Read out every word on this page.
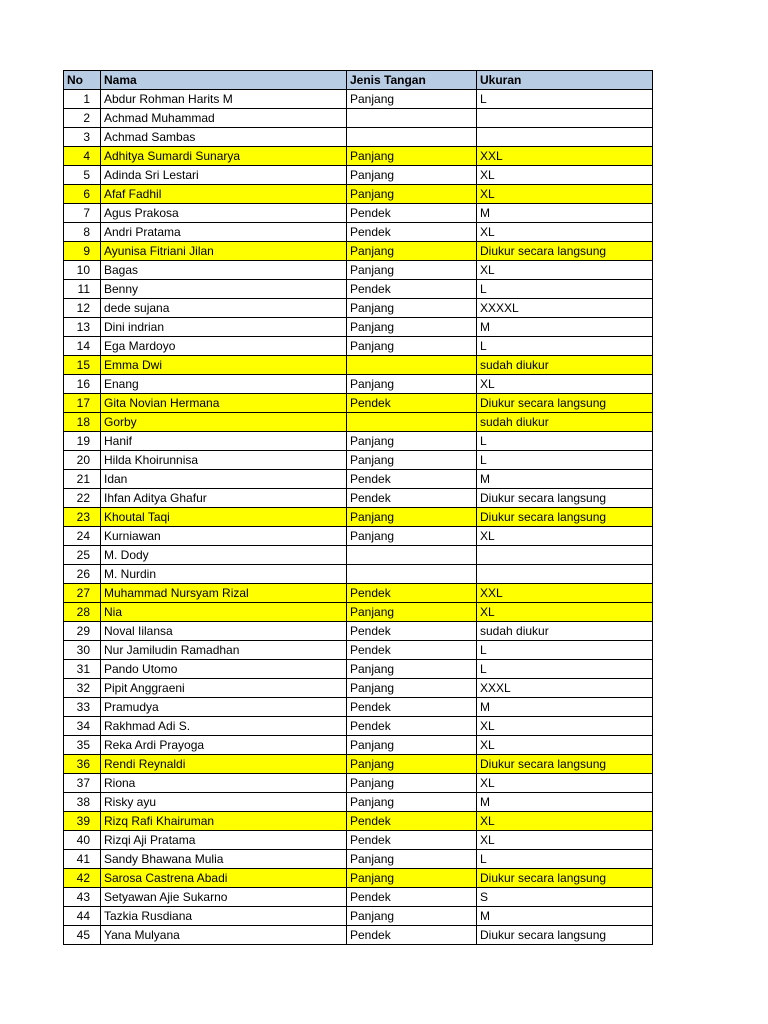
No	Nama	Jenis Tangan	Ukuran
1	Abdur Rohman Harits M	Panjang	L
2	Achmad Muhammad		
3	Achmad Sambas		
4	Adhitya Sumardi Sunarya	Panjang	XXL
5	Adinda Sri Lestari	Panjang	XL
6	Afaf Fadhil	Panjang	XL
7	Agus Prakosa	Pendek	M
8	Andri Pratama	Pendek	XL
9	Ayunisa Fitriani Jilan	Panjang	Diukur secara langsung
10	Bagas	Panjang	XL
11	Benny	Pendek	L
12	dede sujana	Panjang	XXXXL
13	Dini indrian	Panjang	M
14	Ega Mardoyo	Panjang	L
15	Emma Dwi		sudah diukur
16	Enang	Panjang	XL
17	Gita Novian Hermana	Pendek	Diukur secara langsung
18	Gorby		sudah diukur
19	Hanif	Panjang	L
20	Hilda Khoirunnisa	Panjang	L
21	Idan	Pendek	M
22	Ihfan Aditya Ghafur	Pendek	Diukur secara langsung
23	Khoutal Taqi	Panjang	Diukur secara langsung
24	Kurniawan	Panjang	XL
25	M. Dody		
26	M. Nurdin		
27	Muhammad Nursyam Rizal	Pendek	XXL
28	Nia	Panjang	XL
29	Noval Iilansa	Pendek	sudah diukur
30	Nur Jamiludin Ramadhan	Pendek	L
31	Pando Utomo	Panjang	L
32	Pipit Anggraeni	Panjang	XXXL
33	Pramudya	Pendek	M
34	Rakhmad Adi S.	Pendek	XL
35	Reka Ardi Prayoga	Panjang	XL
36	Rendi Reynaldi	Panjang	Diukur secara langsung
37	Riona	Panjang	XL
38	Risky ayu	Panjang	M
39	Rizq Rafi Khairuman	Pendek	XL
40	Rizqi Aji Pratama	Pendek	XL
41	Sandy Bhawana Mulia	Panjang	L
42	Sarosa Castrena Abadi	Panjang	Diukur secara langsung
43	Setyawan Ajie Sukarno	Pendek	S
44	Tazkia Rusdiana	Panjang	M
45	Yana Mulyana	Pendek	Diukur secara langsung
